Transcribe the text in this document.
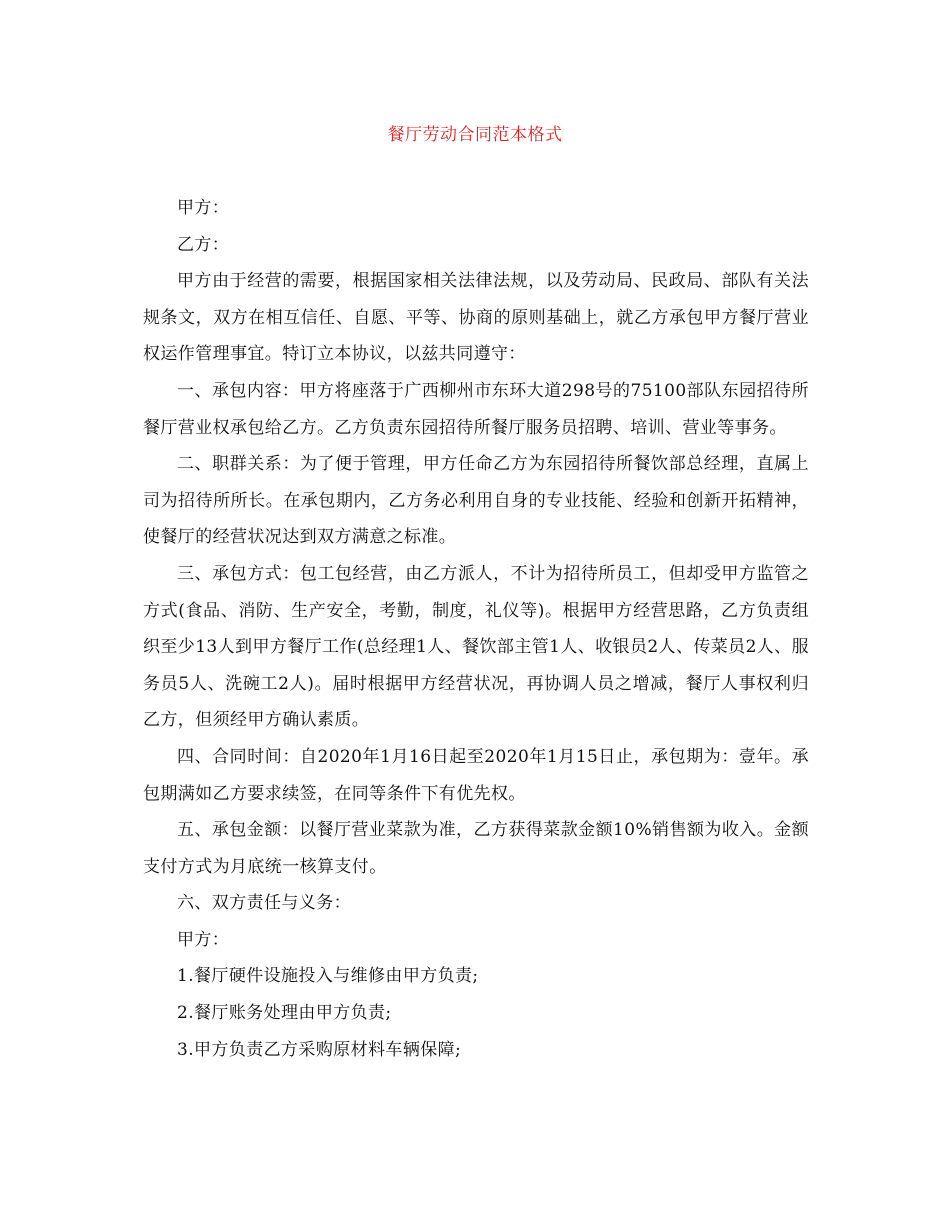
餐厅劳动合同范本格式

甲方：

乙方：

甲方由于经营的需要，根据国家相关法律法规，以及劳动局、民政局、部队有关法规条文，双方在相互信任、自愿、平等、协商的原则基础上，就乙方承包甲方餐厅营业权运作管理事宜。特订立本协议，以兹共同遵守：

一、承包内容：甲方将座落于广西柳州市东环大道298号的75100部队东园招待所餐厅营业权承包给乙方。乙方负责东园招待所餐厅服务员招聘、培训、营业等事务。

二、职群关系：为了便于管理，甲方任命乙方为东园招待所餐饮部总经理，直属上司为招待所所长。在承包期内，乙方务必利用自身的专业技能、经验和创新开拓精神，使餐厅的经营状况达到双方满意之标准。

三、承包方式：包工包经营，由乙方派人，不计为招待所员工，但却受甲方监管之方式(食品、消防、生产安全，考勤，制度，礼仪等)。根据甲方经营思路，乙方负责组织至少13人到甲方餐厅工作(总经理1人、餐饮部主管1人、收银员2人、传菜员2人、服务员5人、洗碗工2人)。届时根据甲方经营状况，再协调人员之增减，餐厅人事权利归乙方，但须经甲方确认素质。

四、合同时间：自2020年1月16日起至2020年1月15日止，承包期为：壹年。承包期满如乙方要求续签，在同等条件下有优先权。

五、承包金额：以餐厅营业菜款为准，乙方获得菜款金额10%销售额为收入。金额支付方式为月底统一核算支付。

六、双方责任与义务：

甲方：

1.餐厅硬件设施投入与维修由甲方负责;

2.餐厅账务处理由甲方负责;

3.甲方负责乙方采购原材料车辆保障;
